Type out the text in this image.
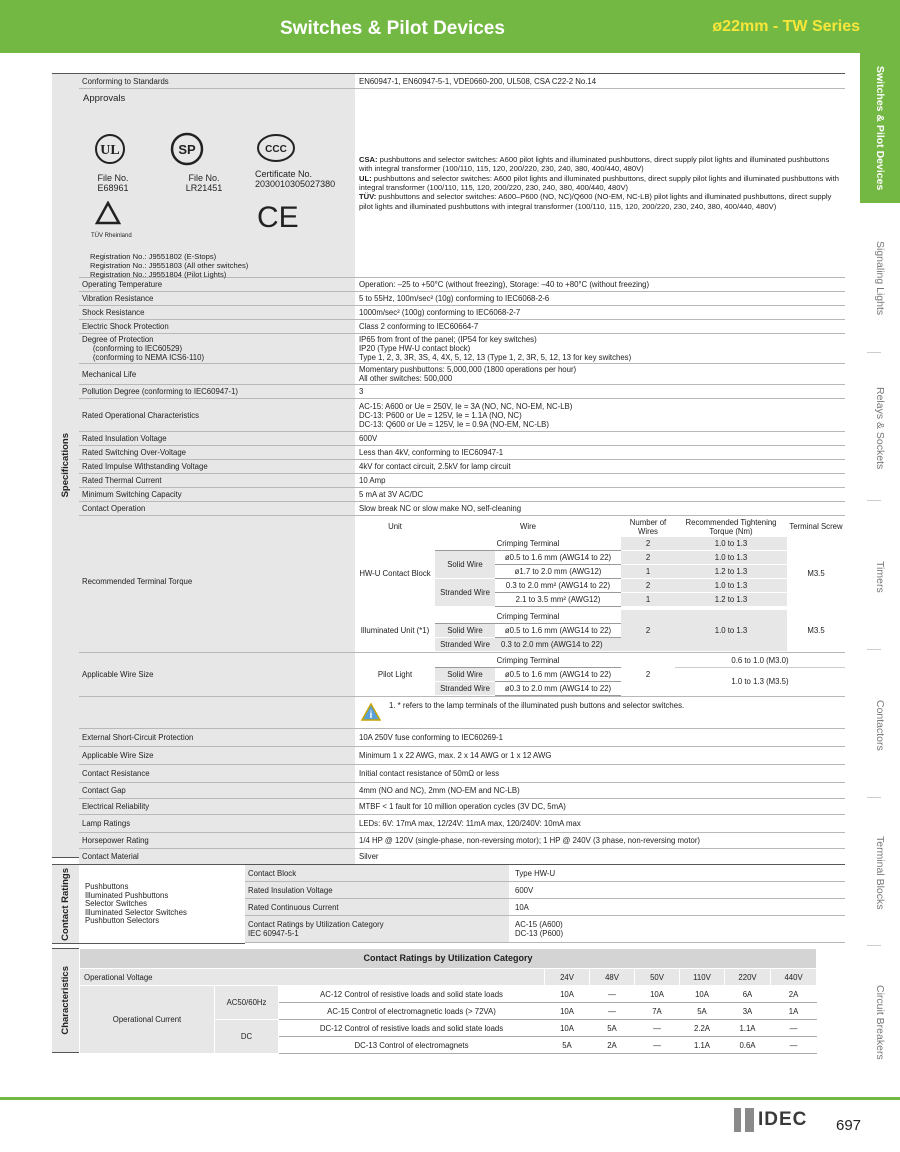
Switches & Pilot Devices	ø22mm - TW Series
Switches & Pilot Devices
Signaling Lights
Relays & Sockets
Timers
Contactors
Terminal Blocks
Circuit Breakers
Specifications
Conforming to Standards	EN60947-1, EN60947-5-1, VDE0660-200, UL508, CSA C22-2 No.14

Approvals
UL
File No. E68961
SP
File No. LR21451
CCC
Certificate No. 2030010305027380
TÜV Rheinland
CE
Registration No.: J9551802 (E-Stops)
Registration No.: J9551803 (All other switches)
Registration No.: J9551804 (Pilot Lights)

CSA: pushbuttons and selector switches: A600 pilot lights and illuminated pushbuttons, direct supply pilot lights and illuminated pushbuttons with integral transformer (100/110, 115, 120, 200/220, 230, 240, 380, 400/440, 480V)
UL: pushbuttons and selector switches: A600 pilot lights and illuminated pushbuttons, direct supply pilot lights and illuminated pushbuttons with integral transformer (100/110, 115, 120, 200/220, 230, 240, 380, 400/440, 480V)
TÜV: pushbuttons and selector switches: A600–P600 (NO, NC)/Q600 (NO-EM, NC-LB) pilot lights and illuminated pushbuttons, direct supply pilot lights and illuminated pushbuttons with integral transformer (100/110, 115, 120, 200/220, 230, 240, 380, 400/440, 480V)

Operating Temperature	Operation: –25 to +50°C (without freezing), Storage: –40 to +80°C (without freezing)
Vibration Resistance	5 to 55Hz, 100m/sec² (10g) conforming to IEC6068-2-6
Shock Resistance	1000m/sec² (100g) conforming to IEC6068-2-7
Electric Shock Protection	Class 2 conforming to IEC60664-7
Degree of Protection
(conforming to IEC60529)
(conforming to NEMA ICS6-110)	IP65 from front of the panel; (IP54 for key switches)
IP20 (Type HW-U contact block)
Type 1, 2, 3, 3R, 3S, 4, 4X, 5, 12, 13 (Type 1, 2, 3R, 5, 12, 13 for key switches)
Mechanical Life	Momentary pushbuttons: 5,000,000 (1800 operations per hour)
All other switches: 500,000
Pollution Degree (conforming to IEC60947-1)	3
Rated Operational Characteristics	AC-15: A600 or Ue = 250V, Ie = 3A (NO, NC, NO-EM, NC-LB)
DC-13: P600 or Ue = 125V, Ie = 1.1A (NO, NC)
DC-13: Q600 or Ue = 125V, Ie = 0.9A (NO-EM, NC-LB)
Rated Insulation Voltage	600V
Rated Switching Over-Voltage	Less than 4kV, conforming to IEC60947-1
Rated Impulse Withstanding Voltage	4kV for contact circuit, 2.5kV for lamp circuit
Rated Thermal Current	10 Amp
Minimum Switching Capacity	5 mA at 3V AC/DC
Contact Operation	Slow break NC or slow make NO, self-cleaning

Recommended Terminal Torque

Unit	Wire	Number of Wires	Recommended Tightening Torque (Nm)	Terminal Screw
HW-U Contact Block	Crimping Terminal	2	1.0 to 1.3	M3.5
Solid Wire	ø0.5 to 1.6 mm (AWG14 to 22)	2	1.0 to 1.3
ø1.7 to 2.0 mm (AWG12)	1	1.2 to 1.3
Stranded Wire	0.3 to 2.0 mm² (AWG14 to 22)	2	1.0 to 1.3
2.1 to 3.5 mm² (AWG12)	1	1.2 to 1.3

Illuminated Unit (*1)	Crimping Terminal	2	1.0 to 1.3	M3.5
Solid Wire	ø0.5 to 1.6 mm (AWG14 to 22)
Stranded Wire	0.3 to 2.0 mm (AWG14 to 22)

Applicable Wire Size		Pilot Light	Crimping Terminal	2	0.6 to 1.0 (M3.0)
Solid Wire	ø0.5 to 1.6 mm (AWG14 to 22)	1.0 to 1.3 (M3.5)
Stranded Wire	ø0.3 to 2.0 mm (AWG14 to 22)

i
1. * refers to the lamp terminals of the illuminated push buttons and selector switches.

External Short-Circuit Protection	10A 250V fuse conforming to IEC60269-1
Applicable Wire Size	Minimum 1 x 22 AWG, max. 2 x 14 AWG or 1 x 12 AWG
Contact Resistance	Initial contact resistance of 50mΩ or less
Contact Gap	4mm (NO and NC), 2mm (NO-EM and NC-LB)
Electrical Reliability	MTBF < 1 fault for 10 million operation cycles (3V DC, 5mA)
Lamp Ratings	LEDs: 6V: 17mA max, 12/24V: 11mA max, 120/240V: 10mA max
Horsepower Rating	1/4 HP @ 120V (single-phase, non-reversing motor); 1 HP @ 240V (3 phase, non-reversing motor)
Contact Material	Silver
Contact Ratings	Pushbuttons
Illuminated Pushbuttons
Selector Switches
Illuminated Selector Switches
Pushbutton Selectors
Contact Block	Type HW-U
Rated Insulation Voltage	600V
Rated Continuous Current	10A
Contact Ratings by Utilization Category
IEC 60947-5-1	AC-15 (A600)
DC-13 (P600)
Characteristics
Contact Ratings by Utilization Category								
Operational Voltage			24V	48V	50V	110V	220V	440V
Operational Current	AC50/60Hz	AC-12 Control of resistive loads and solid state loads	10A	—	10A	10A	6A	2A
		AC-15 Control of electromagnetic loads (> 72VA)	10A	—	7A	5A	3A	1A
	DC	DC-12 Control of resistive loads and solid state loads	10A	5A	—	2.2A	1.1A	—
		DC-13 Control of electromagnets	5A	2A	—	1.1A	0.6A	—
IDEC 697
